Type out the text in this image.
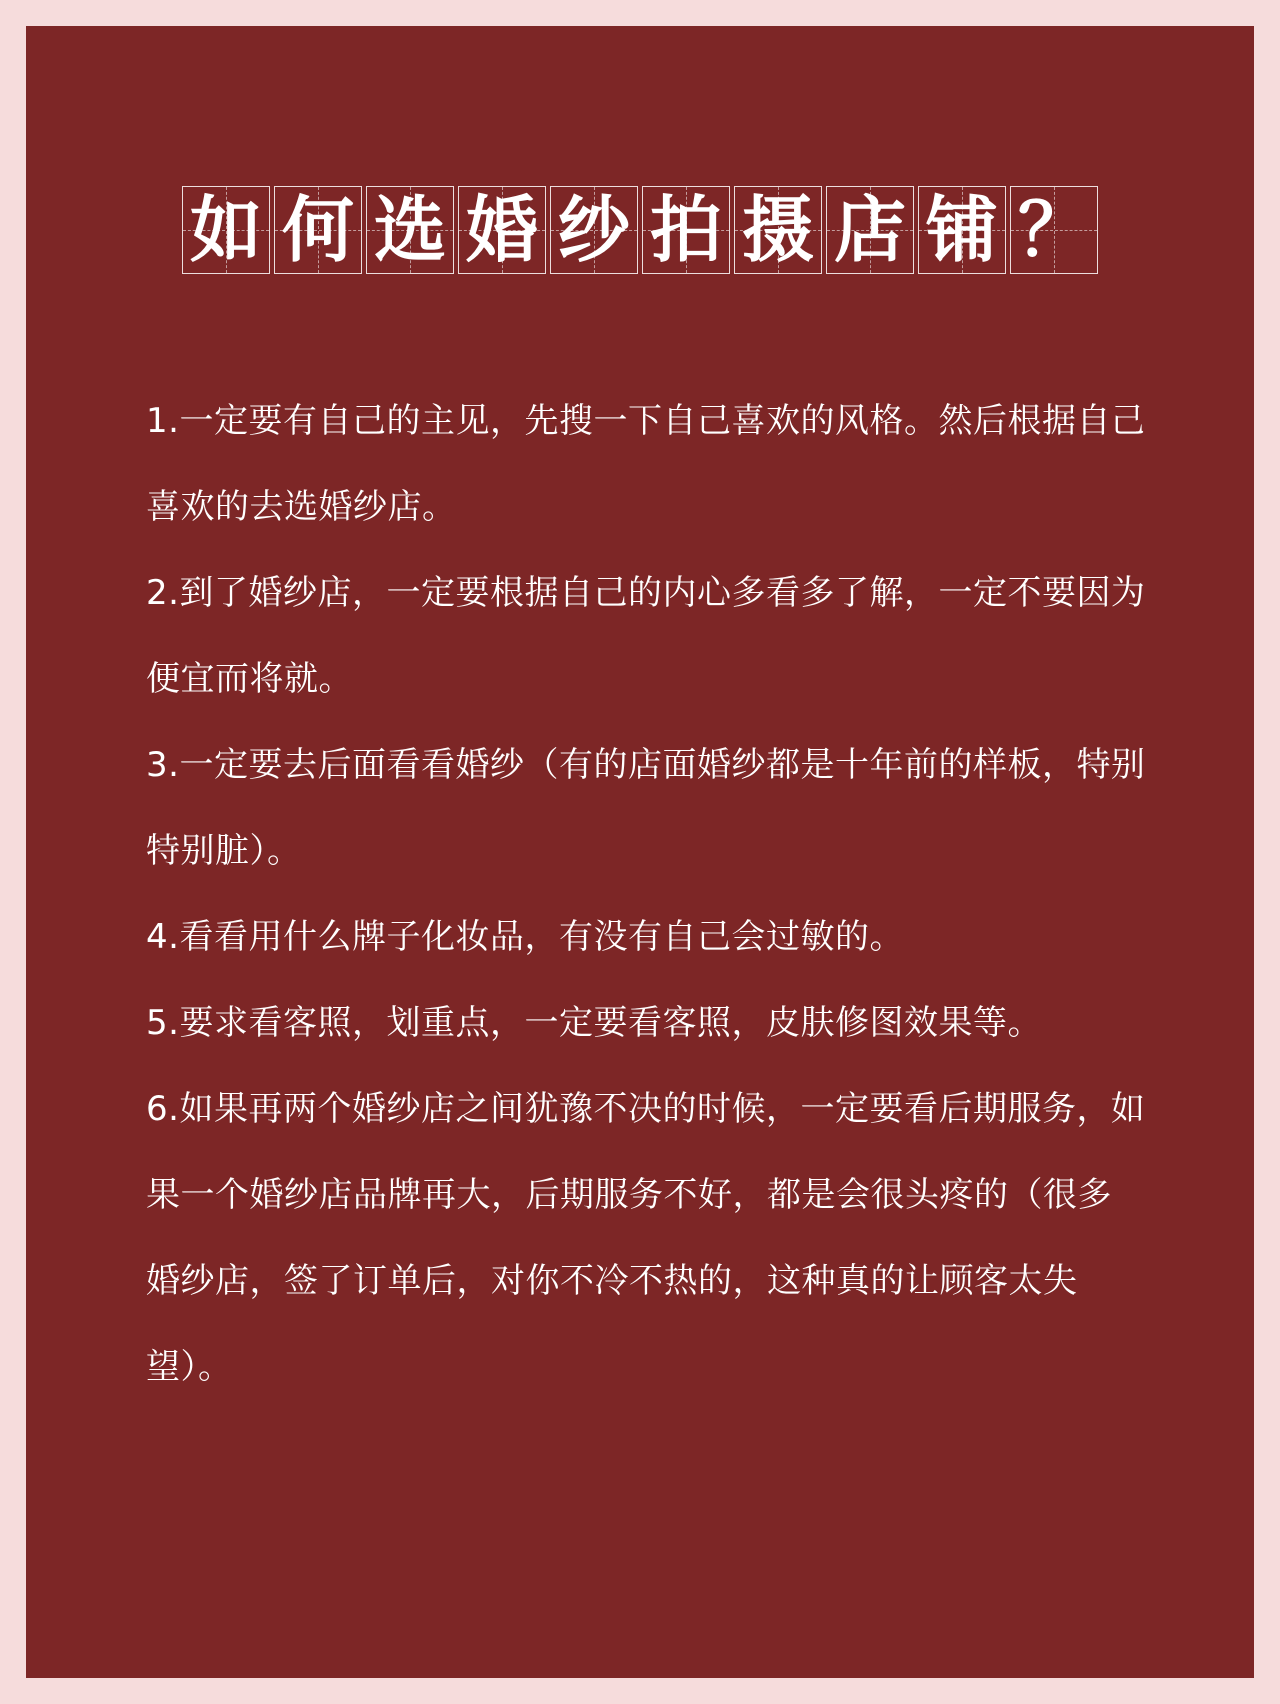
如 何 选 婚 纱 拍 摄 店 铺 ？

1.一定要有自己的主见，先搜一下自己喜欢的风格。然后根据自己喜欢的去选婚纱店。

2.到了婚纱店，一定要根据自己的内心多看多了解，一定不要因为便宜而将就。

3.一定要去后面看看婚纱（有的店面婚纱都是十年前的样板，特别特别脏）。

4.看看用什么牌子化妆品，有没有自己会过敏的。

5.要求看客照，划重点，一定要看客照，皮肤修图效果等。

6.如果再两个婚纱店之间犹豫不决的时候，一定要看后期服务，如果一个婚纱店品牌再大，后期服务不好，都是会很头疼的（很多婚纱店，签了订单后，对你不冷不热的，这种真的让顾客太失望）。
